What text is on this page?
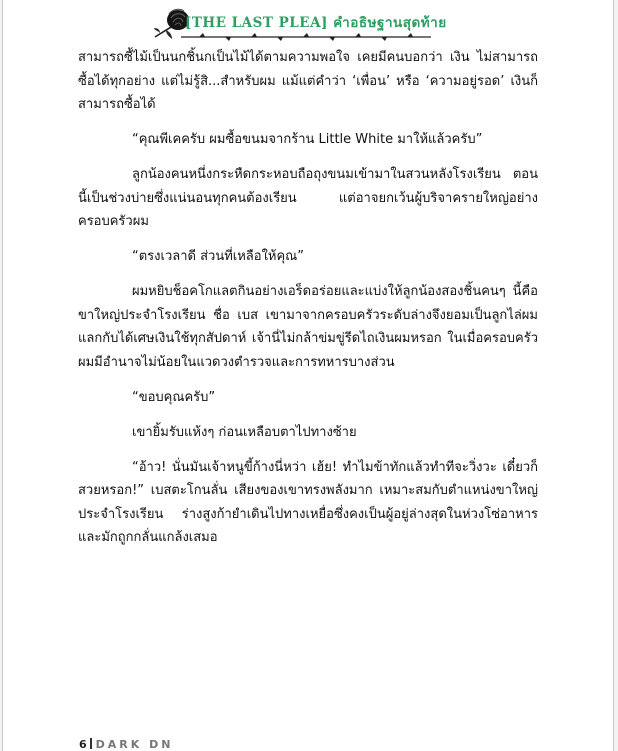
[THE LAST PLEA] คำอธิษฐานสุดท้าย

สามารถซื้ไม้เป็นนกชิ้นกเป็นไม้ได้ตามความพอใจ เคยมีคนบอกว่า เงิน ไม่สามารถซื้อได้ทุกอย่าง แต่ไม่รู้สิ...สำหรับผม แม้แต่คำว่า ‘เพื่อน’ หรือ ‘ความอยู่รอด’ เงินก็สามารถซื้อได้

“คุณพีเคครับ ผมซื้อขนมจากร้าน Little White มาให้แล้วครับ”

ลูกน้องคนหนึ่งกระหืดกระหอบถือถุงขนมเข้ามาในสวนหลังโรงเรียน ตอนนี้เป็นช่วงบ่ายซึ่งแน่นอนทุกคนต้องเรียน แต่อาจยกเว้นผู้บริจาครายใหญ่อย่างครอบครัวผม

“ตรงเวลาดี ส่วนที่เหลือให้คุณ”

ผมหยิบช็อคโกแลตกินอย่างเอร็ดอร่อยและแบ่งให้ลูกน้องสองชิ้นคนๆ นี้คือขาใหญ่ประจำโรงเรียน ชื่อ เบส เขามาจากครอบครัวระดับล่างจึงยอมเป็นลูกไล่ผมแลกกับได้เศษเงินใช้ทุกสัปดาห์ เจ้านี่ไม่กล้าข่มขู่รีดไถเงินผมหรอก ในเมื่อครอบครัวผมมีอำนาจไม่น้อยในแวดวงตำรวจและการทหารบางส่วน

“ขอบคุณครับ”

เขายิ้มรับแห้งๆ ก่อนเหลือบตาไปทางซ้าย

“อ้าว! นั่นมันเจ้าหนูขี้ก้างนี่หว่า เฮ้ย! ทำไมข้าทักแล้วทำทีจะวิ่งวะ เดี๋ยวก็สวยหรอก!” เบสตะโกนลั่น เสียงของเขาทรงพลังมาก เหมาะสมกับตำแหน่งขาใหญ่ประจำโรงเรียน ร่างสูงก้ายำเดินไปทางเหยื่อซึ่งคงเป็นผู้อยู่ล่างสุดในห่วงโซ่อาหารและมักถูกกลั่นแกล้งเสมอ

6 DARK DN
